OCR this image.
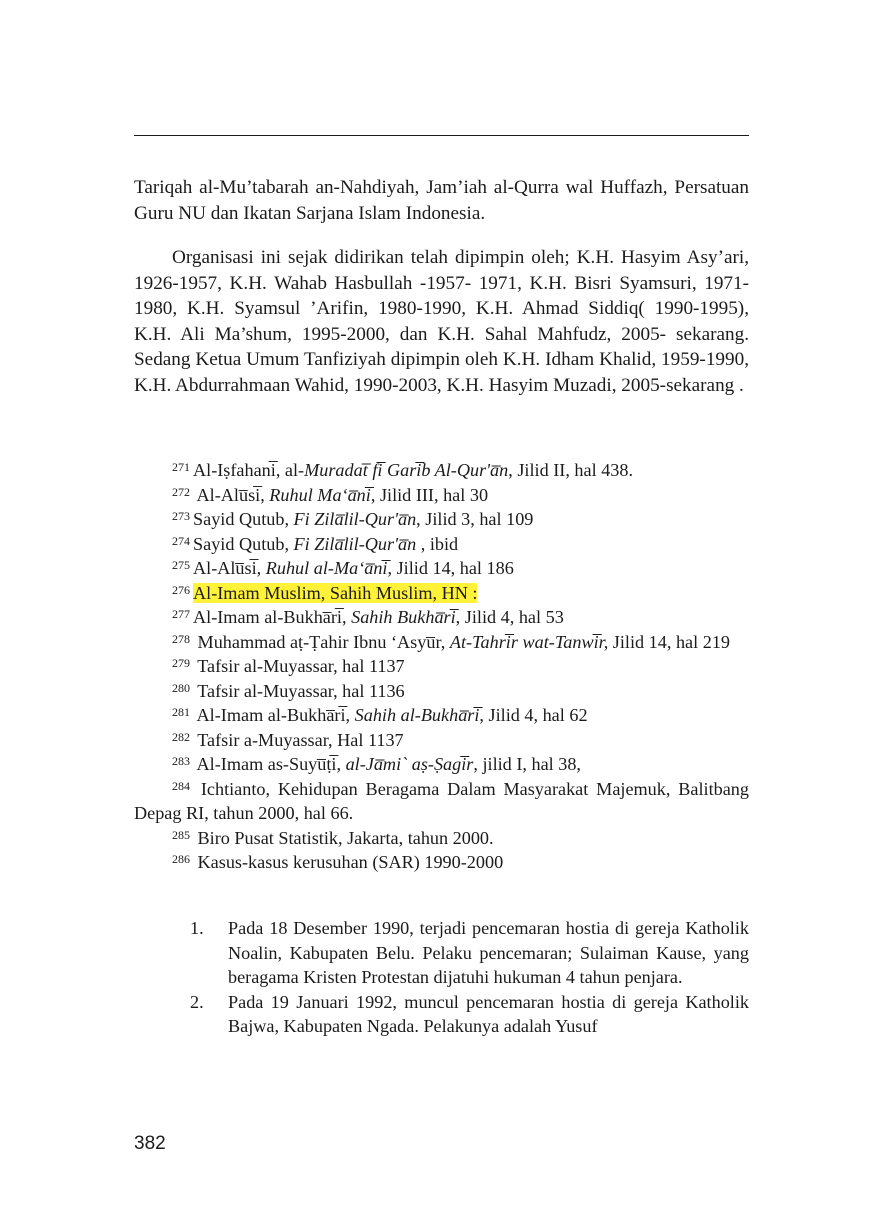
Tariqah al-Mu’tabarah an-Nahdiyah, Jam’iah al-Qurra wal Huffazh, Persatuan Guru NU dan Ikatan Sarjana Islam Indonesia.

Organisasi ini sejak didirikan telah dipimpin oleh; K.H. Hasyim Asy’ari, 1926-1957, K.H. Wahab Hasbullah -1957- 1971, K.H. Bisri Syamsuri, 1971-1980, K.H. Syamsul ’Arifin, 1980-1990, K.H. Ahmad Siddiq( 1990-1995), K.H. Ali Ma’shum, 1995-2000, dan K.H. Sahal Mahfudz, 2005- sekarang. Sedang Ketua Umum Tanfiziyah dipimpin oleh K.H. Idham Khalid, 1959-1990, K.H. Abdurrahmaan Wahid, 1990-2003, K.H. Hasyim Muzadi, 2005-sekarang .

$^{271}$ Al-Iṣfahani̅, al-Muradat̅ fi̅ Gari̅b Al-Qur'a̅n, Jilid II, hal 438.
$^{272}$ Al-Alu̅si̅, Ruhul Ma‘a̅ni̅, Jilid III, hal 30
$^{273}$ Sayid Qutub, Fi Zila̅lil-Qur'a̅n, Jilid 3, hal 109
$^{274}$ Sayid Qutub, Fi Zila̅lil-Qur'a̅n , ibid
$^{275}$ Al-Alu̅si̅, Ruhul al-Ma‘a̅ni̅, Jilid 14, hal 186
$^{276}$ Al-Imam Muslim, Sahih Muslim, HN :
$^{277}$ Al-Imam al-Bukha̅ri̅, Sahih Bukha̅ri̅, Jilid 4, hal 53
$^{278}$ Muhammad aṭ-Ṭahir Ibnu ‘Asyu̅r, At-Tahri̅r wat-Tanwi̅r, Jilid 14, hal 219
$^{279}$ Tafsir al-Muyassar, hal 1137
$^{280}$ Tafsir al-Muyassar, hal 1136
$^{281}$ Al-Imam al-Bukha̅ri̅, Sahih al-Bukha̅ri̅, Jilid 4, hal 62
$^{282}$ Tafsir a-Muyassar, Hal 1137
$^{283}$ Al-Imam as-Suyu̅ṭi̅, al-Ja̅mi` aṣ-Ṣagi̅r, jilid I, hal 38,
$^{284}$ Ichtianto, Kehidupan Beragama Dalam Masyarakat Majemuk, Balitbang Depag RI, tahun 2000, hal 66.
$^{285}$ Biro Pusat Statistik, Jakarta, tahun 2000.
$^{286}$ Kasus-kasus kerusuhan (SAR) 1990-2000
1. Pada 18 Desember 1990, terjadi pencemaran hostia di gereja Katholik Noalin, Kabupaten Belu. Pelaku pencemaran; Sulaiman Kause, yang beragama Kristen Protestan dijatuhi hukuman 4 tahun penjara.
2. Pada 19 Januari 1992, muncul pencemaran hostia di gereja Katholik Bajwa, Kabupaten Ngada. Pelakunya adalah Yusuf
382
